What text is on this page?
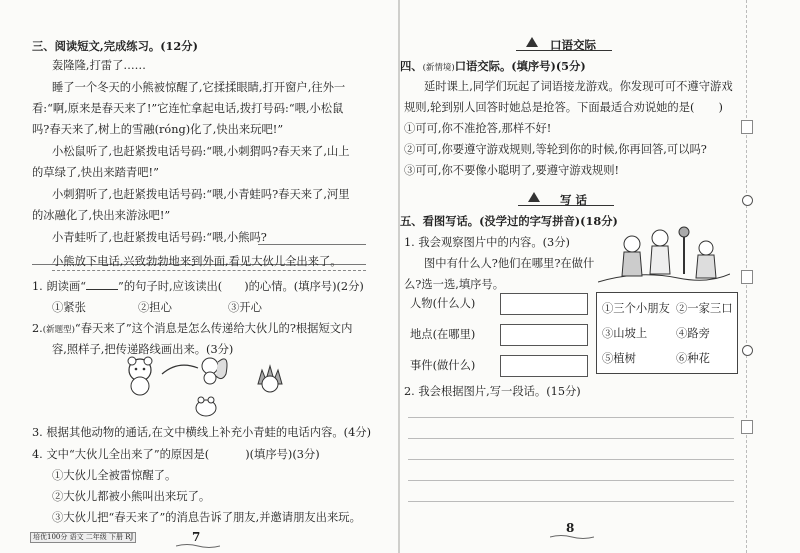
三、阅读短文,完成练习。(12分)
轰隆隆,打雷了……
睡了一个冬天的小熊被惊醒了,它揉揉眼睛,打开窗户,往外一
看:“啊,原来是春天来了!”它连忙拿起电话,拨打号码:“喂,小松鼠
吗?春天来了,树上的雪融(róng)化了,快出来玩吧!”
小松鼠听了,也赶紧拨电话号码:“喂,小刺猬吗?春天来了,山上
的草绿了,快出来踏青吧!”
小刺猬听了,也赶紧拨电话号码:“喂,小青蛙吗?春天来了,河里
的冰融化了,快出来游泳吧!”
小青蛙听了,也赶紧拨电话号码:“喂,小熊吗?
小熊放下电话,兴致勃勃地来到外面,看见大伙儿全出来了。
1. 朗读画“	”的句子时,应该读出( )的心情。(填序号)(2分)
①紧张	②担心	③开心
2.(新题型)“春天来了”这个消息是怎么传递给大伙儿的?根据短文内
容,照样子,把传递路线画出来。(3分)
3. 根据其他动物的通话,在文中横线上补充小青蛙的电话内容。(4分)
4. 文中“大伙儿全出来了”的原因是(	)(填序号)(3分)
①大伙儿全被雷惊醒了。
②大伙儿都被小熊叫出来玩了。
③大伙儿把“春天来了”的消息告诉了朋友,并邀请朋友出来玩。
培优100分 语文 二年级 下册 RJ	7
口语交际
四、(新情境)口语交际。(填序号)(5分)
延时课上,同学们玩起了词语接龙游戏。你发现可可不遵守游戏
规则,轮到别人回答时她总是抢答。下面最适合劝说她的是( )
①可可,你不准抢答,那样不好!
②可可,你要遵守游戏规则,等轮到你的时候,你再回答,可以吗?
③可可,你不要像小聪明了,要遵守游戏规则!
写 话
五、看图写话。(没学过的字写拼音)(18分)
1. 我会观察图片中的内容。(3分)
图中有什么人?他们在哪里?在做什
么?选一选,填序号。
人物(什么人)
地点(在哪里)
事件(做什么)
①三个小朋友 ②一家三口
③山坡上	④路旁
⑤植树	⑥种花
2. 我会根据图片,写一段话。(15分)
8
